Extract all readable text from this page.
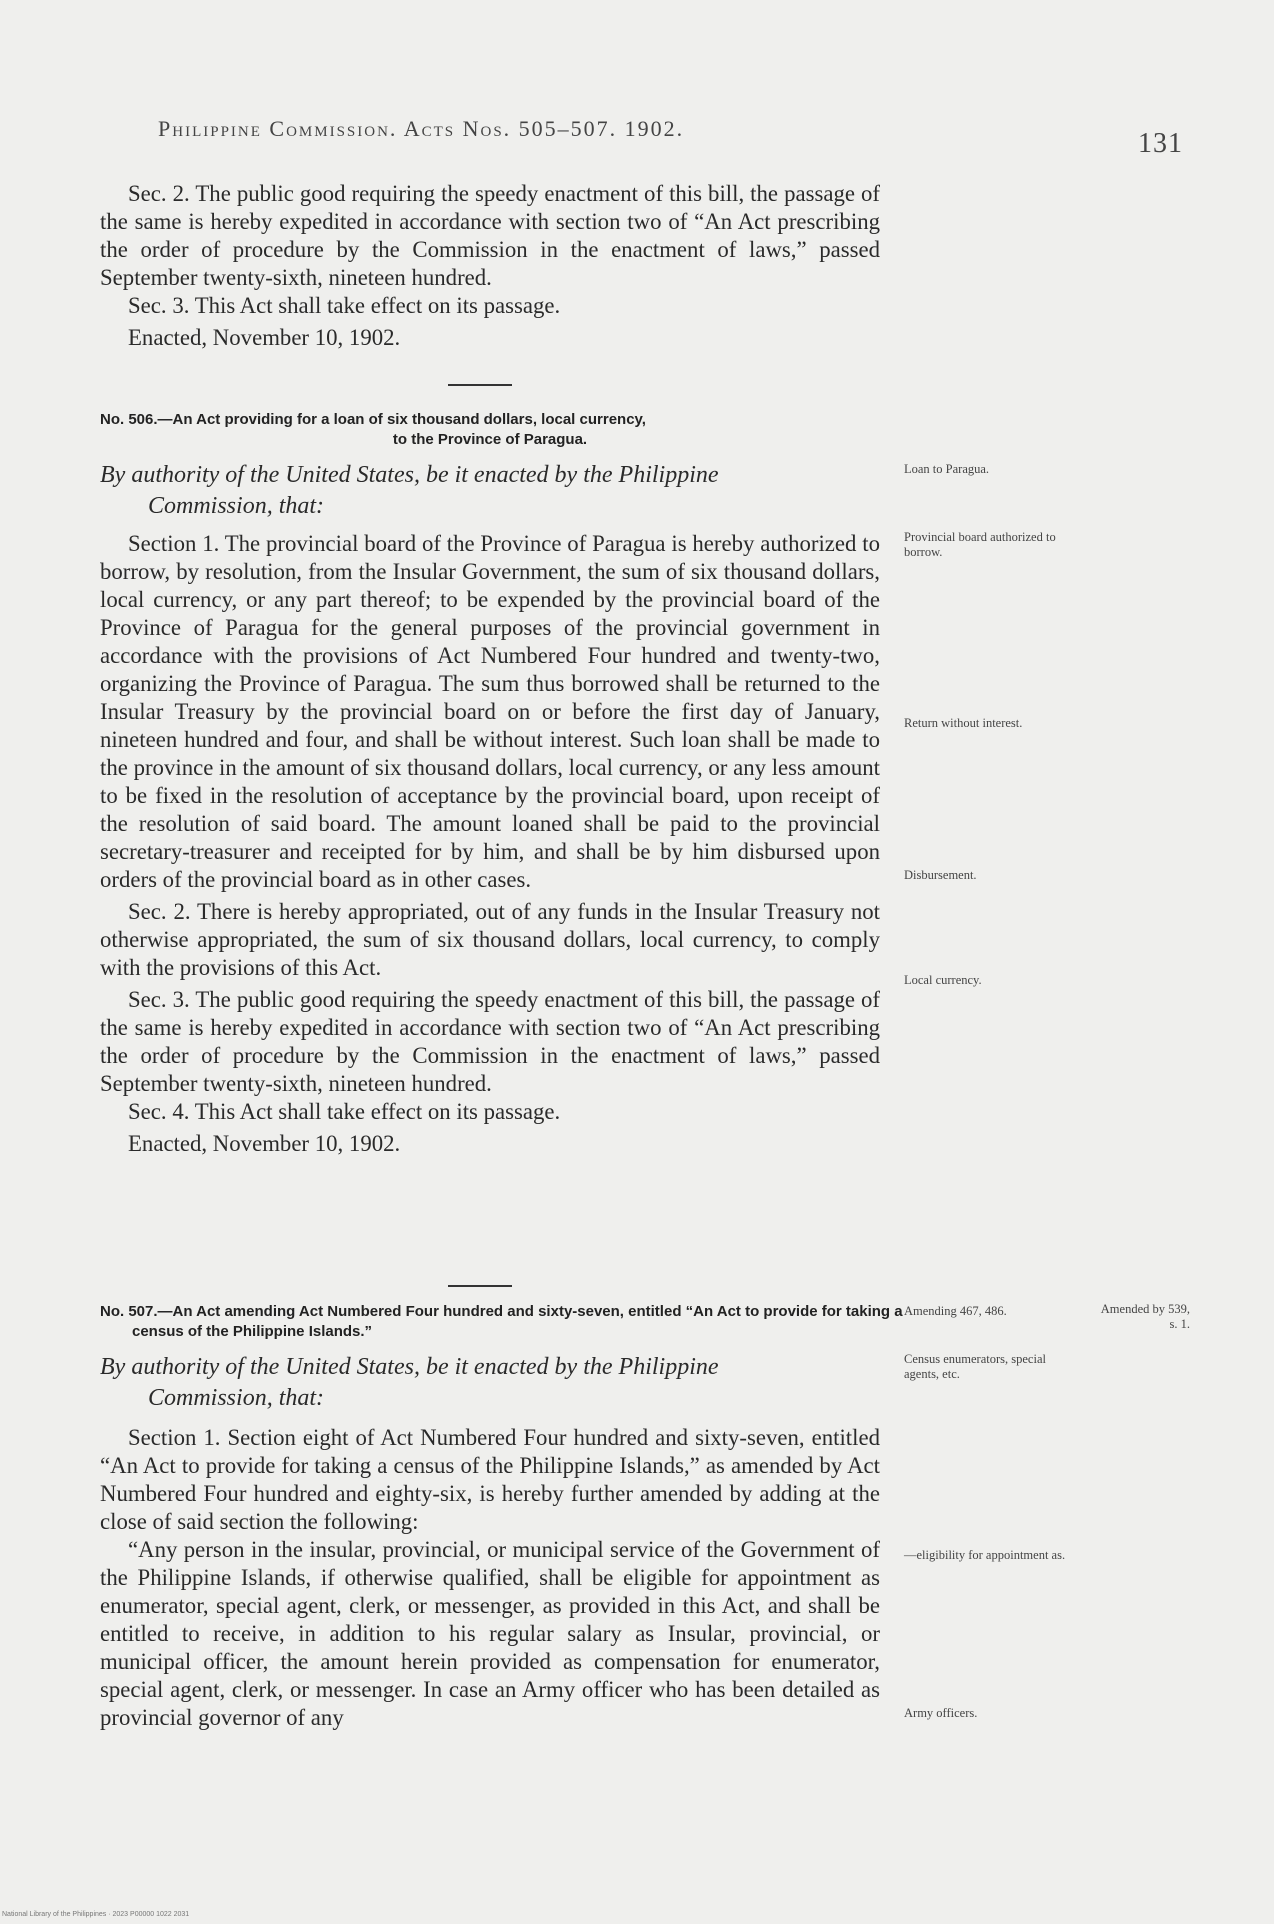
Philippine Commission. Acts Nos. 505–507. 1902.	131

Sec. 2. The public good requiring the speedy enactment of this bill, the passage of the same is hereby expedited in accordance with section two of “An Act prescribing the order of procedure by the Commission in the enactment of laws,” passed September twenty-sixth, nineteen hundred.

Sec. 3. This Act shall take effect on its passage.

Enacted, November 10, 1902.

No. 506.—An Act providing for a loan of six thousand dollars, local currency,
to the Province of Paragua.
By authority of the United States, be it enacted by the Philippine
Commission, that:

Section 1. The provincial board of the Province of Paragua is hereby authorized to borrow, by resolution, from the Insular Government, the sum of six thousand dollars, local currency, or any part thereof; to be expended by the provincial board of the Province of Paragua for the general purposes of the provincial government in accordance with the provisions of Act Numbered Four hundred and twenty-two, organizing the Province of Paragua. The sum thus borrowed shall be returned to the Insular Treasury by the provincial board on or before the first day of January, nineteen hundred and four, and shall be without interest. Such loan shall be made to the province in the amount of six thousand dollars, local currency, or any less amount to be fixed in the resolution of acceptance by the provincial board, upon receipt of the resolution of said board. The amount loaned shall be paid to the provincial secretary-treasurer and receipted for by him, and shall be by him disbursed upon orders of the provincial board as in other cases.

Sec. 2. There is hereby appropriated, out of any funds in the Insular Treasury not otherwise appropriated, the sum of six thousand dollars, local currency, to comply with the provisions of this Act.

Sec. 3. The public good requiring the speedy enactment of this bill, the passage of the same is hereby expedited in accordance with section two of “An Act prescribing the order of procedure by the Commission in the enactment of laws,” passed September twenty-sixth, nineteen hundred.

Sec. 4. This Act shall take effect on its passage.

Enacted, November 10, 1902.

Loan to Paragua.
Provincial board authorized to borrow.
Return without interest.
Disbursement.
Local currency.
No. 507.—An Act amending Act Numbered Four hundred and sixty-seven, entitled “An Act to provide for taking a census of the Philippine Islands.”
By authority of the United States, be it enacted by the Philippine
Commission, that:

Section 1. Section eight of Act Numbered Four hundred and sixty-seven, entitled “An Act to provide for taking a census of the Philippine Islands,” as amended by Act Numbered Four hundred and eighty-six, is hereby further amended by adding at the close of said section the following:

“Any person in the insular, provincial, or municipal service of the Government of the Philippine Islands, if otherwise qualified, shall be eligible for appointment as enumerator, special agent, clerk, or messenger, as provided in this Act, and shall be entitled to receive, in addition to his regular salary as Insular, provincial, or municipal officer, the amount herein provided as compensation for enumerator, special agent, clerk, or messenger. In case an Army officer who has been detailed as provincial governor of any

Amending 467, 486.	Amended by 539, s. 1.
Census enumerators, special agents, etc.
—eligibility for appointment as.
Army officers.
National Library of the Philippines · 2023 P00000 1022 2031
